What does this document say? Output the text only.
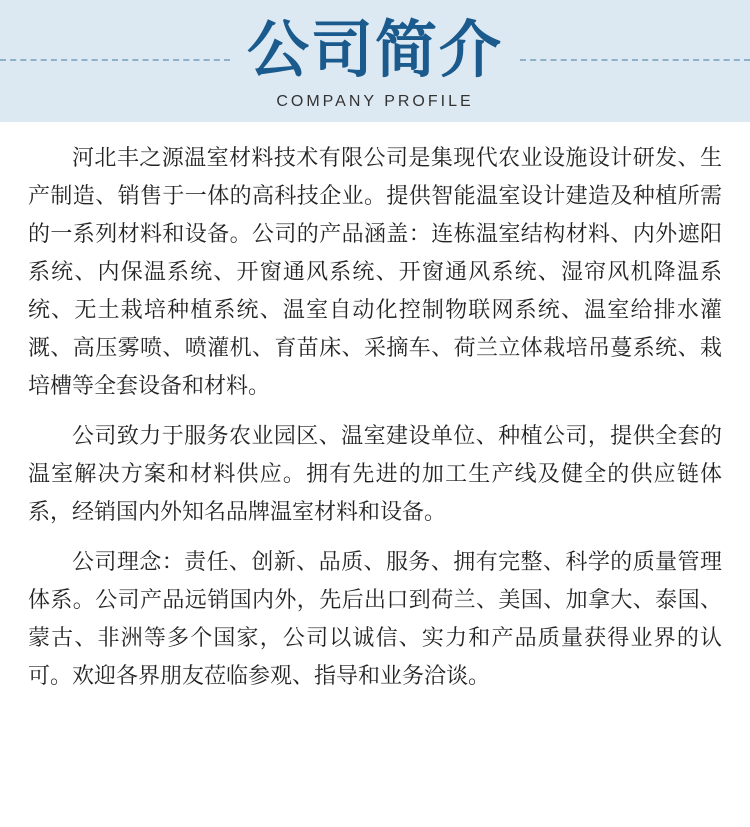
公司简介
COMPANY PROFILE

河北丰之源温室材料技术有限公司是集现代农业设施设计研发、生产制造、销售于一体的高科技企业。提供智能温室设计建造及种植所需的一系列材料和设备。公司的产品涵盖：连栋温室结构材料、内外遮阳系统、内保温系统、开窗通风系统、开窗通风系统、湿帘风机降温系统、无土栽培种植系统、温室自动化控制物联网系统、温室给排水灌溉、高压雾喷、喷灌机、育苗床、采摘车、荷兰立体栽培吊蔓系统、栽培槽等全套设备和材料。

公司致力于服务农业园区、温室建设单位、种植公司，提供全套的温室解决方案和材料供应。拥有先进的加工生产线及健全的供应链体系，经销国内外知名品牌温室材料和设备。

公司理念：责任、创新、品质、服务、拥有完整、科学的质量管理体系。公司产品远销国内外，先后出口到荷兰、美国、加拿大、泰国、蒙古、非洲等多个国家，公司以诚信、实力和产品质量获得业界的认可。欢迎各界朋友莅临参观、指导和业务洽谈。
